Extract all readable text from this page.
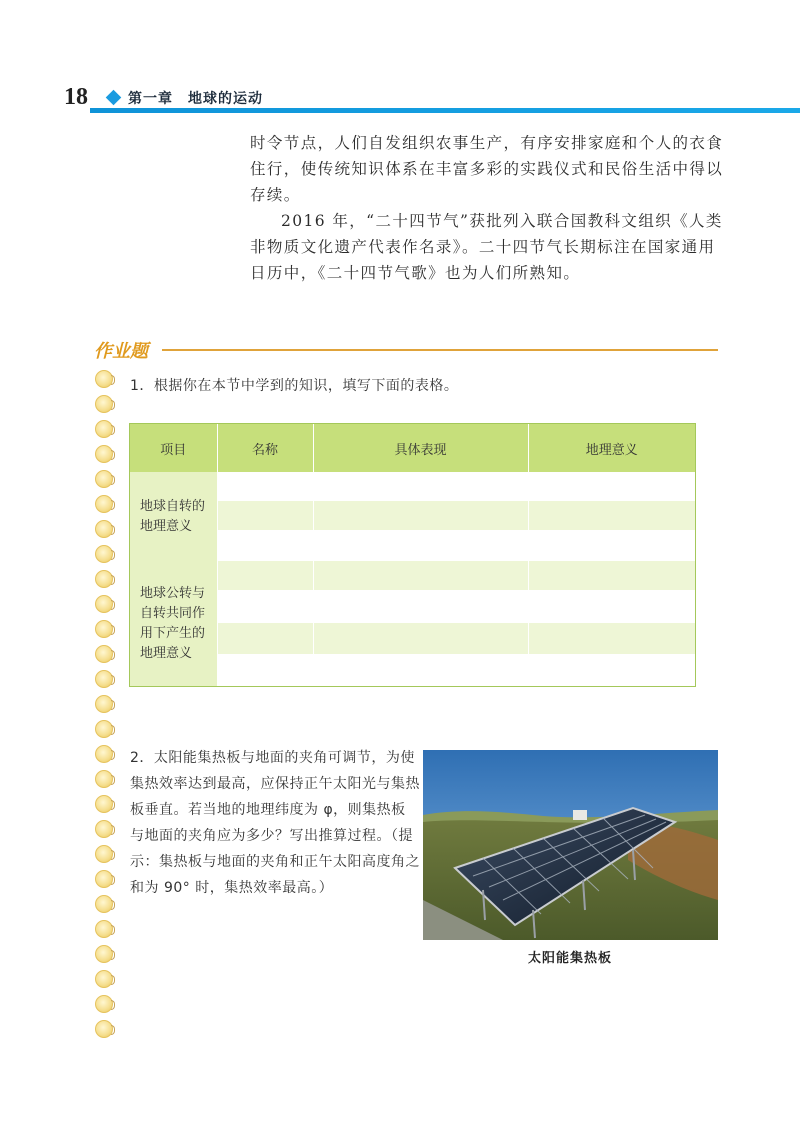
18	第一章　地球的运动

时令节点，人们自发组织农事生产，有序安排家庭和个人的衣食住行，使传统知识体系在丰富多彩的实践仪式和民俗生活中得以存续。

2016 年，“二十四节气”获批列入联合国教科文组织《人类非物质文化遗产代表作名录》。二十四节气长期标注在国家通用日历中，《二十四节气歌》也为人们所熟知。

作业题

1．根据你在本节中学到的知识，填写下面的表格。

项目	名称	具体表现	地理意义
地球自转的地理意义			

地球公转与自转共同作用下产生的地理意义			

2．太阳能集热板与地面的夹角可调节，为使集热效率达到最高，应保持正午太阳光与集热板垂直。若当地的地理纬度为 φ，则集热板与地面的夹角应为多少？写出推算过程。（提示：集热板与地面的夹角和正午太阳高度角之和为 90° 时，集热效率最高。）

太阳能集热板
